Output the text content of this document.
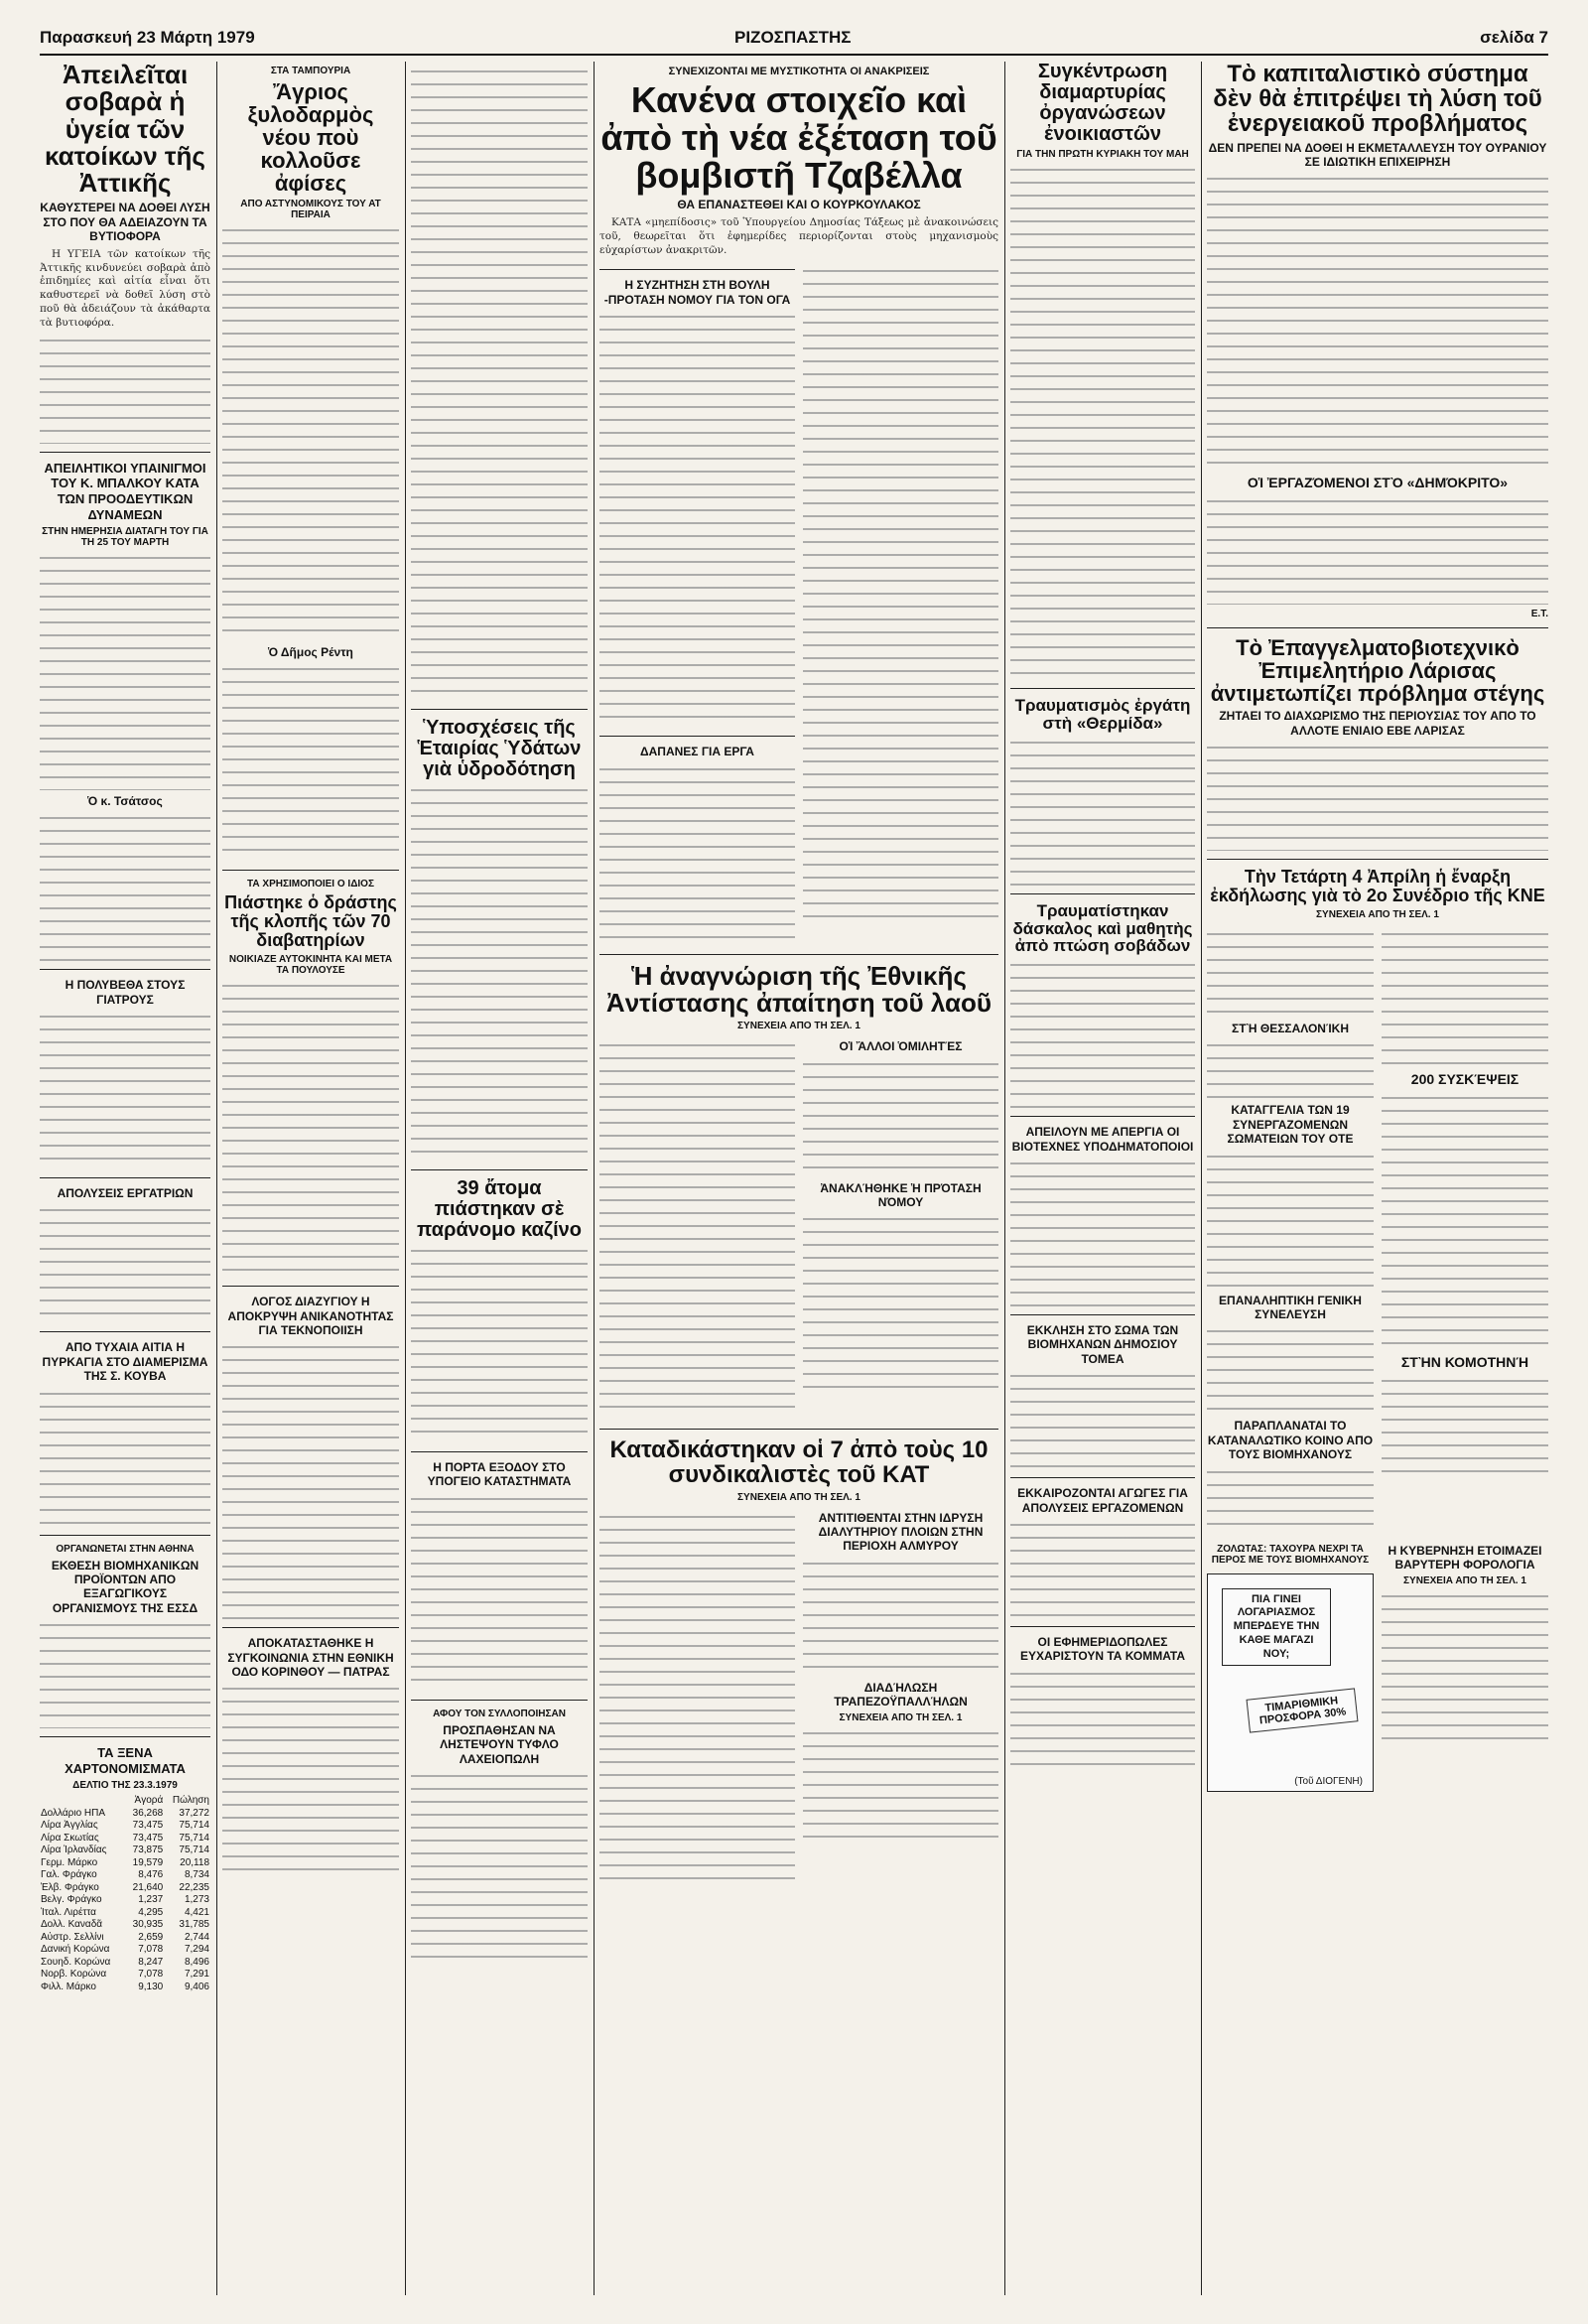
Παρασκευή 23 Μάρτη 1979	ΡΙΖΟΣΠΑΣΤΗΣ	σελίδα 7
Ἀπειλεῖται σοβαρὰ ἡ ὑγεία τῶν κατοίκων τῆς Ἀττικῆς
ΚΑΘΥΣΤΕΡΕΙ ΝΑ ΔΟΘΕΙ ΛΥΣΗ ΣΤΟ ΠΟΥ ΘΑ ΑΔΕΙΑΖΟΥΝ ΤΑ ΒΥΤΙΟΦΟΡΑ
Η ΥΓΕΙΑ τῶν κατοίκων τῆς Ἀττικῆς κινδυνεύει σοβαρὰ ἀπὸ ἐπιδημίες καὶ αἰτία εἶναι ὅτι καθυστερεῖ νὰ δοθεῖ λύση στὸ ποῦ θὰ ἀδειάζουν τὰ ἀκάθαρτα τὰ βυτιοφόρα.
ΑΠΕΙΛΗΤΙΚΟΙ ΥΠΑΙΝΙΓΜΟΙ ΤΟΥ Κ. ΜΠΑΛΚΟΥ ΚΑΤΑ ΤΩΝ ΠΡΟΟΔΕΥΤΙΚΩΝ ΔΥΝΑΜΕΩΝ
ΣΤΗΝ ΗΜΕΡΗΣΙΑ ΔΙΑΤΑΓΗ ΤΟΥ ΓΙΑ ΤΗ 25 ΤΟΥ ΜΑΡΤΗ
Ὁ κ. Τσάτσος
Η ΠΟΛΥΒΕΘΑ ΣΤΟΥΣ ΓΙΑΤΡΟΥΣ
ΑΠΟΛΥΣΕΙΣ ΕΡΓΑΤΡΙΩΝ
ΑΠΟ ΤΥΧΑΙΑ ΑΙΤΙΑ Η ΠΥΡΚΑΓΙΑ ΣΤΟ ΔΙΑΜΕΡΙΣΜΑ ΤΗΣ Σ. ΚΟΥΒΑ
ΟΡΓΑΝΩΝΕΤΑΙ ΣΤΗΝ ΑΘΗΝΑ
ΕΚΘΕΣΗ ΒΙΟΜΗΧΑΝΙΚΩΝ ΠΡΟΪΟΝΤΩΝ ΑΠΟ ΕΞΑΓΩΓΙΚΟΥΣ ΟΡΓΑΝΙΣΜΟΥΣ ΤΗΣ ΕΣΣΔ
ΤΑ ΞΕΝΑ ΧΑΡΤΟΝΟΜΙΣΜΑΤΑ
ΔΕΛΤΙΟ ΤΗΣ 23.3.1979
	Ἀγορά	Πώληση
Δολλάριο ΗΠΑ	36,268	37,272
Λίρα Ἀγγλίας	73,475	75,714
Λίρα Σκωτίας	73,475	75,714
Λίρα Ἰρλανδίας	73,875	75,714
Γερμ. Μάρκο	19,579	20,118
Γαλ. Φράγκο	8,476	8,734
Ἑλβ. Φράγκο	21,640	22,235
Βελγ. Φράγκο	1,237	1,273
Ἰταλ. Λιρέττα	4,295	4,421
Δολλ. Καναδᾶ	30,935	31,785
Αὐστρ. Σελλίνι	2,659	2,744
Δανική Κορώνα	7,078	7,294
Σουηδ. Κορώνα	8,247	8,496
Νορβ. Κορώνα	7,078	7,291
Φιλλ. Μάρκο	9,130	9,406
ΣΤΑ ΤΑΜΠΟΥΡΙΑ
Ἄγριος ξυλοδαρμὸς νέου ποὺ κολλοῦσε ἀφίσες
ΑΠΟ ΑΣΤΥΝΟΜΙΚΟΥΣ ΤΟΥ ΑΤ ΠΕΙΡΑΙΑ
Ὁ Δῆμος Ρέντη
ΤΑ ΧΡΗΣΙΜΟΠΟΙΕΙ Ο ΙΔΙΟΣ
Πιάστηκε ὁ δράστης τῆς κλοπῆς τῶν 70 διαβατηρίων
ΝΟΙΚΙΑΖΕ ΑΥΤΟΚΙΝΗΤΑ ΚΑΙ ΜΕΤΑ ΤΑ ΠΟΥΛΟΥΣΕ
ΛΟΓΟΣ ΔΙΑΖΥΓΙΟΥ Η ΑΠΟΚΡΥΨΗ ΑΝΙΚΑΝΟΤΗΤΑΣ ΓΙΑ ΤΕΚΝΟΠΟΙΙΣΗ
ΑΠΟΚΑΤΑΣΤΑΘΗΚΕ Η ΣΥΓΚΟΙΝΩΝΙΑ ΣΤΗΝ ΕΘΝΙΚΗ ΟΔΟ ΚΟΡΙΝΘΟΥ — ΠΑΤΡΑΣ
Ὑποσχέσεις τῆς Ἑταιρίας Ὑδάτων γιὰ ὑδροδότηση
39 ἄτομα πιάστηκαν σὲ παράνομο καζίνο
Η ΠΟΡΤΑ ΕΞΟΔΟΥ ΣΤΟ ΥΠΟΓΕΙΟ ΚΑΤΑΣΤΗΜΑΤΑ
ΑΦΟΥ ΤΟΝ ΣΥΛΛΟΠΟΙΗΣΑΝ
ΠΡΟΣΠΑΘΗΣΑΝ ΝΑ ΛΗΣΤΕΨΟΥΝ ΤΥΦΛΟ ΛΑΧΕΙΟΠΩΛΗ
ΣΥΝΕΧΙΖΟΝΤΑΙ ΜΕ ΜΥΣΤΙΚΟΤΗΤΑ ΟΙ ΑΝΑΚΡΙΣΕΙΣ
Κανένα στοιχεῖο καὶ ἀπὸ τὴ νέα ἐξέταση τοῦ βομβιστῆ Τζαβέλλα
ΘΑ ΕΠΑΝΑΣΤΕΘΕΙ ΚΑΙ Ο ΚΟΥΡΚΟΥΛΑΚΟΣ
ΚΑΤΑ «μηεπίδοσις» τοῦ Ὑπουργείου Δημοσίας Τάξεως μὲ ἀνακοινώσεις τοῦ, θεωρεῖται ὅτι ἐφημερίδες περιορίζονται στοὺς μηχανισμοὺς εὐχαρίστων ἀνακριτῶν.
Η ΣΥΖΗΤΗΣΗ ΣΤΗ ΒΟΥΛΗ -ΠΡΟΤΑΣΗ ΝΟΜΟΥ ΓΙΑ ΤΟΝ ΟΓΑ
ΔΑΠΑΝΕΣ ΓΙΑ ΕΡΓΑ
Ἡ ἀναγνώριση τῆς Ἐθνικῆς Ἀντίστασης ἀπαίτηση τοῦ λαοῦ
ΣΥΝΕΧΕΙΑ ΑΠΟ ΤΗ ΣΕΛ. 1
ΟἹ ἌΛΛΟΙ ὉΜΙΛΗΤΈΣ
ἈΝΑΚΛΉΘΗΚΕ Ἡ ΠΡΌΤΑΣΗ ΝΌΜΟΥ
Καταδικάστηκαν οἱ 7 ἀπὸ τοὺς 10 συνδικαλιστὲς τοῦ ΚΑΤ
ΣΥΝΕΧΕΙΑ ΑΠΟ ΤΗ ΣΕΛ. 1
ΑΝΤΙΤΙΘΕΝΤΑΙ ΣΤΗΝ ΙΔΡΥΣΗ ΔΙΑΛΥΤΗΡΙΟΥ ΠΛΟΙΩΝ ΣΤΗΝ ΠΕΡΙΟΧΗ ΑΛΜΥΡΟΥ
ΔΙΑΔΉΛΩΣΗ ΤΡΑΠΕΖΟΫΠΑΛΛΉΛΩΝ
ΣΥΝΕΧΕΙΑ ΑΠΟ ΤΗ ΣΕΛ. 1
Συγκέντρωση διαμαρτυρίας ὀργανώσεων ἐνοικιαστῶν
ΓΙΑ ΤΗΝ ΠΡΩΤΗ ΚΥΡΙΑΚΗ ΤΟΥ ΜΑΗ
Τραυματισμὸς ἐργάτη στὴ «Θερμίδα»
Τραυματίστηκαν δάσκαλος καὶ μαθητὴς ἀπὸ πτώση σοβάδων
ΑΠΕΙΛΟΥΝ ΜΕ ΑΠΕΡΓΙΑ ΟΙ ΒΙΟΤΕΧΝΕΣ ΥΠΟΔΗΜΑΤΟΠΟΙΟΙ
ΕΚΚΛΗΣΗ ΣΤΟ ΣΩΜΑ ΤΩΝ ΒΙΟΜΗΧΑΝΩΝ ΔΗΜΟΣΙΟΥ ΤΟΜΕΑ
ΕΚΚΑΙΡΟΖΟΝΤΑΙ ΑΓΩΓΕΣ ΓΙΑ ΑΠΟΛΥΣΕΙΣ ΕΡΓΑΖΟΜΕΝΩΝ
ΟΙ ΕΦΗΜΕΡΙΔΟΠΩΛΕΣ ΕΥΧΑΡΙΣΤΟΥΝ ΤΑ ΚΟΜΜΑΤΑ
Τὸ καπιταλιστικὸ σύστημα δὲν θὰ ἐπιτρέψει τὴ λύση τοῦ ἐνεργειακοῦ προβλήματος
ΔΕΝ ΠΡΕΠΕΙ ΝΑ ΔΟΘΕΙ Η ΕΚΜΕΤΑΛΛΕΥΣΗ ΤΟΥ ΟΥΡΑΝΙΟΥ ΣΕ ΙΔΙΩΤΙΚΗ ΕΠΙΧΕΙΡΗΣΗ
ΟἹ ἘΡΓΑΖΌΜΕΝΟΙ ΣΤῸ «ΔΗΜΌΚΡΙΤΟ»
Ε.Τ.
Τὸ Ἐπαγγελματοβιοτεχνικὸ Ἐπιμελητήριο Λάρισας ἀντιμετωπίζει πρόβλημα στέγης
ΖΗΤΑΕΙ ΤΟ ΔΙΑΧΩΡΙΣΜΟ ΤΗΣ ΠΕΡΙΟΥΣΙΑΣ ΤΟΥ ΑΠΟ ΤΟ ΑΛΛΟΤΕ ΕΝΙΑΙΟ ΕΒΕ ΛΑΡΙΣΑΣ
Τὴν Τετάρτη 4 Ἀπρίλη ἡ ἔναρξη ἐκδήλωσης γιὰ τὸ 2ο Συνέδριο τῆς ΚΝΕ
ΣΥΝΕΧΕΙΑ ΑΠΟ ΤΗ ΣΕΛ. 1
ΣΤῊ ΘΕΣΣΑΛΟΝΊΚΗ
ΚΑΤΑΓΓΕΛΙΑ ΤΩΝ 19 ΣΥΝΕΡΓΑΖΟΜΕΝΩΝ ΣΩΜΑΤΕΙΩΝ ΤΟΥ ΟΤΕ
ΕΠΑΝΑΛΗΠΤΙΚΗ ΓΕΝΙΚΗ ΣΥΝΕΛΕΥΣΗ
ΠΑΡΑΠΛΑΝΑΤΑΙ ΤΟ ΚΑΤΑΝΑΛΩΤΙΚΟ ΚΟΙΝΟ ΑΠΟ ΤΟΥΣ ΒΙΟΜΗΧΑΝΟΥΣ
200 ΣΥΣΚΈΨΕΙΣ
ΣΤῊΝ ΚΟΜΟΤΗΝΉ
ΖΟΛΩΤΑΣ: ΤΑΧΟΥΡΑ ΝΕΧΡΙ ΤΑ ΠΕΡΟΣ ΜΕ ΤΟΥΣ ΒΙΟΜΗΧΑΝΟΥΣ
ΠΙΑ ΓΙΝΕΙ ΛΟΓΑΡΙΑΣΜΟΣ ΜΠΕΡΔΕΥΕ ΤΗΝ ΚΑΘΕ ΜΑΓΑΖΙ ΝΟΥ;
ΤΙΜΑΡΙΘΜΙΚΗ ΠΡΟΣΦΟΡΑ 30%
(Τοῦ ΔΙΟΓΕΝΗ)
Η ΚΥΒΕΡΝΗΣΗ ΕΤΟΙΜΑΖΕΙ ΒΑΡΥΤΕΡΗ ΦΟΡΟΛΟΓΙΑ
ΣΥΝΕΧΕΙΑ ΑΠΟ ΤΗ ΣΕΛ. 1
